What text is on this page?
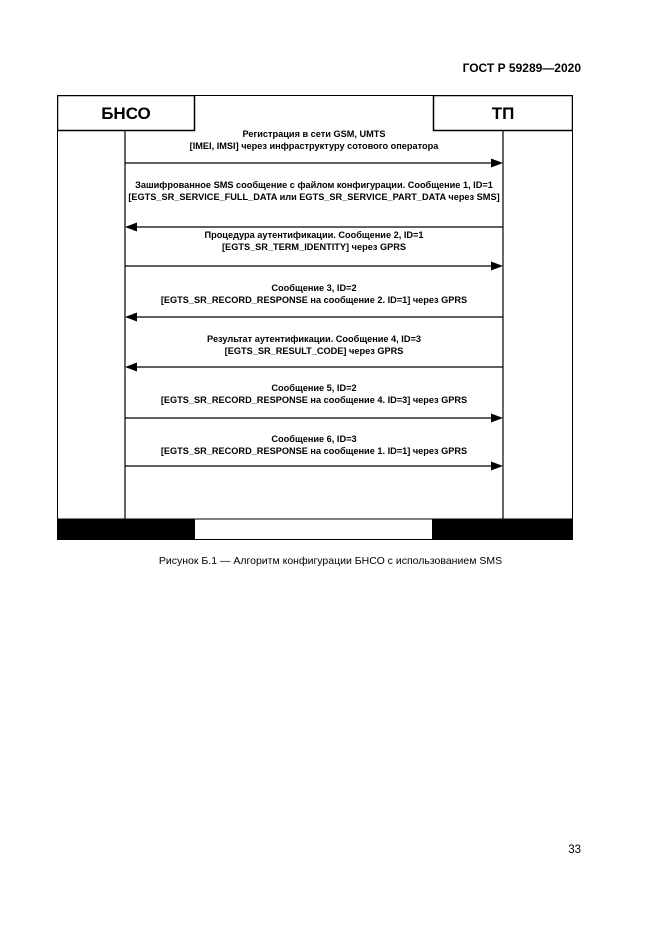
ГОСТ Р 59289—2020
БНСО	ТП
Регистрация в сети GSM, UMTS
[IMEI, IMSI] через инфраструктуру сотового оператора
Зашифрованное SMS сообщение с файлом конфигурации. Сообщение 1, ID=1
[EGTS_SR_SERVICE_FULL_DATA или EGTS_SR_SERVICE_PART_DATA через SMS]
Процедура аутентификации. Сообщение 2, ID=1
[EGTS_SR_TERM_IDENTITY] через GPRS
Сообщение 3, ID=2
[EGTS_SR_RECORD_RESPONSE на сообщение 2. ID=1] через GPRS
Результат аутентификации. Сообщение 4, ID=3
[EGTS_SR_RESULT_CODE] через GPRS
Сообщение 5, ID=2
[EGTS_SR_RECORD_RESPONSE на сообщение 4. ID=3] через GPRS
Сообщение 6, ID=3
[EGTS_SR_RECORD_RESPONSE на сообщение 1. ID=1] через GPRS
Рисунок Б.1 — Алгоритм конфигурации БНСО с использованием SMS
33
